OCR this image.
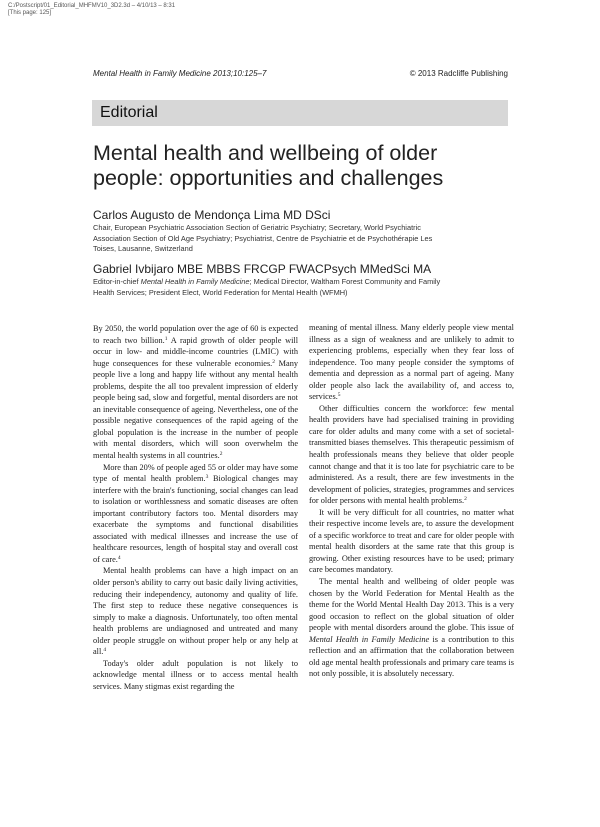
C:/Postscript/01_Editorial_MHFMV10_3D2.3d – 4/10/13 – 8:31
[This page: 125]
Mental Health in Family Medicine 2013;10:125–7	© 2013 Radcliffe Publishing
Editorial
Mental health and wellbeing of older people: opportunities and challenges
Carlos Augusto de Mendonça Lima MD DSci
Chair, European Psychiatric Association Section of Geriatric Psychiatry; Secretary, World Psychiatric
Association Section of Old Age Psychiatry; Psychiatrist, Centre de Psychiatrie et de Psychothérapie Les
Toises, Lausanne, Switzerland
Gabriel Ivbijaro MBE MBBS FRCGP FWACPsych MMedSci MA
Editor-in-chief Mental Health in Family Medicine; Medical Director, Waltham Forest Community and Family
Health Services; President Elect, World Federation for Mental Health (WFMH)

By 2050, the world population over the age of 60 is expected to reach two billion.$^1$ A rapid growth of older people will occur in low- and middle-income countries (LMIC) with huge consequences for these vulnerable economies.$^2$ Many people live a long and happy life without any mental health problems, despite the all too prevalent impression of elderly people being sad, slow and forgetful, mental disorders are not an inevitable consequence of ageing. Nevertheless, one of the possible negative consequences of the rapid ageing of the global population is the increase in the number of people with mental disorders, which will soon overwhelm the mental health systems in all countries.$^2$

More than 20% of people aged 55 or older may have some type of mental health problem.$^3$ Biological changes may interfere with the brain's functioning, social changes can lead to isolation or worthlessness and somatic diseases are often important contributory factors too. Mental disorders may exacerbate the symptoms and functional disabilities associated with medical illnesses and increase the use of healthcare resources, length of hospital stay and overall cost of care.$^4$

Mental health problems can have a high impact on an older person's ability to carry out basic daily living activities, reducing their independency, autonomy and quality of life. The first step to reduce these negative consequences is simply to make a diagnosis. Unfortunately, too often mental health problems are undiagnosed and untreated and many older people struggle on without proper help or any help at all.$^4$

Today's older adult population is not likely to acknowledge mental illness or to access mental health services. Many stigmas exist regarding the

meaning of mental illness. Many elderly people view mental illness as a sign of weakness and are unlikely to admit to experiencing problems, especially when they fear loss of independence. Too many people consider the symptoms of dementia and depression as a normal part of ageing. Many older people also lack the availability of, and access to, services.$^5$

Other difficulties concern the workforce: few mental health providers have had specialised training in providing care for older adults and many come with a set of societal-transmitted biases themselves. This therapeutic pessimism of health professionals means they believe that older people cannot change and that it is too late for psychiatric care to be administered. As a result, there are few investments in the development of policies, strategies, programmes and services for older persons with mental health problems.$^2$

It will be very difficult for all countries, no matter what their respective income levels are, to assure the development of a specific workforce to treat and care for older people with mental health disorders at the same rate that this group is growing. Other existing resources have to be used; primary care becomes mandatory.

The mental health and wellbeing of older people was chosen by the World Federation for Mental Health as the theme for the World Mental Health Day 2013. This is a very good occasion to reflect on the global situation of older people with mental disorders around the globe. This issue of Mental Health in Family Medicine is a contribution to this reflection and an affirmation that the collaboration between old age mental health professionals and primary care teams is not only possible, it is absolutely necessary.
